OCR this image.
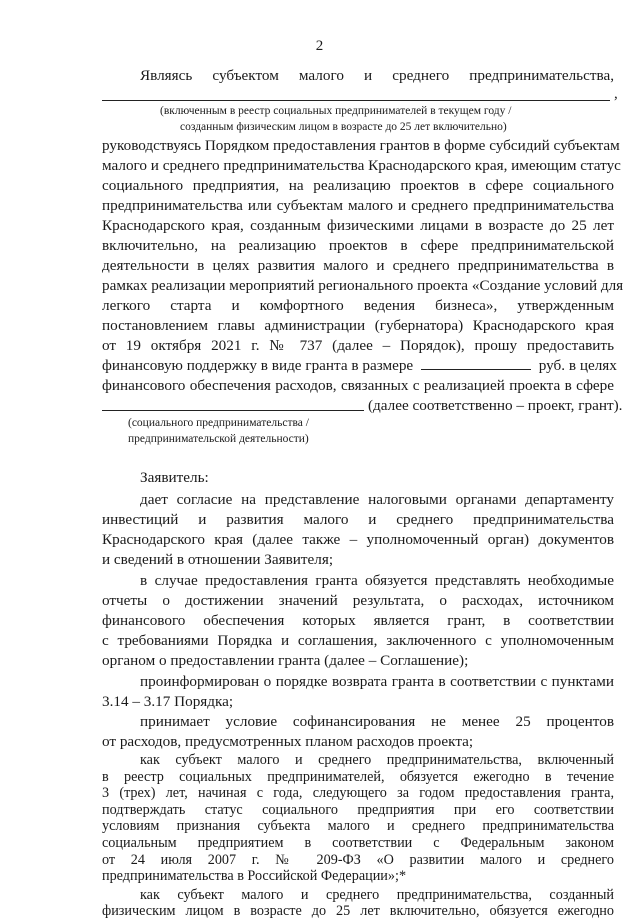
2
Являясь субъектом малого и среднего предпринимательства,
,
(включенным в реестр социальных предпринимателей в текущем году /
созданным физическим лицом в возрасте до 25 лет включительно)
руководствуясь Порядком предоставления грантов в форме субсидий субъектам
малого и среднего предпринимательства Краснодарского края, имеющим статус
социального предприятия, на реализацию проектов в сфере социального
предпринимательства или субъектам малого и среднего предпринимательства
Краснодарского края, созданным физическими лицами в возрасте до 25 лет
включительно, на реализацию проектов в сфере предпринимательской
деятельности в целях развития малого и среднего предпринимательства в
рамках реализации мероприятий регионального проекта «Создание условий для
легкого старта и комфортного ведения бизнеса», утвержденным
постановлением главы администрации (губернатора) Краснодарского края
от 19 октября 2021 г. № 737 (далее – Порядок), прошу предоставить
финансовую поддержку в виде гранта в размере	руб. в целях
финансового обеспечения расходов, связанных с реализацией проекта в сфере
(далее соответственно – проект, грант).
(социального предпринимательства /
предпринимательской деятельности)
Заявитель:
дает согласие на представление налоговыми органами департаменту
инвестиций и развития малого и среднего предпринимательства
Краснодарского края (далее также – уполномоченный орган) документов
и сведений в отношении Заявителя;
в случае предоставления гранта обязуется представлять необходимые
отчеты о достижении значений результата, о расходах, источником
финансового обеспечения которых является грант, в соответствии
с требованиями Порядка и соглашения, заключенного с уполномоченным
органом о предоставлении гранта (далее – Соглашение);
проинформирован о порядке возврата гранта в соответствии с пунктами
3.14 – 3.17 Порядка;
принимает условие софинансирования не менее 25 процентов
от расходов, предусмотренных планом расходов проекта;
как субъект малого и среднего предпринимательства, включенный
в реестр социальных предпринимателей, обязуется ежегодно в течение
3 (трех) лет, начиная с года, следующего за годом предоставления гранта,
подтверждать статус социального предприятия при его соответствии
условиям признания субъекта малого и среднего предпринимательства
социальным предприятием в соответствии с Федеральным законом
от 24 июля 2007 г. № 209-ФЗ «О развитии малого и среднего
предпринимательства в Российской Федерации»;*
как субъект малого и среднего предпринимательства, созданный
физическим лицом в возрасте до 25 лет включительно, обязуется ежегодно
